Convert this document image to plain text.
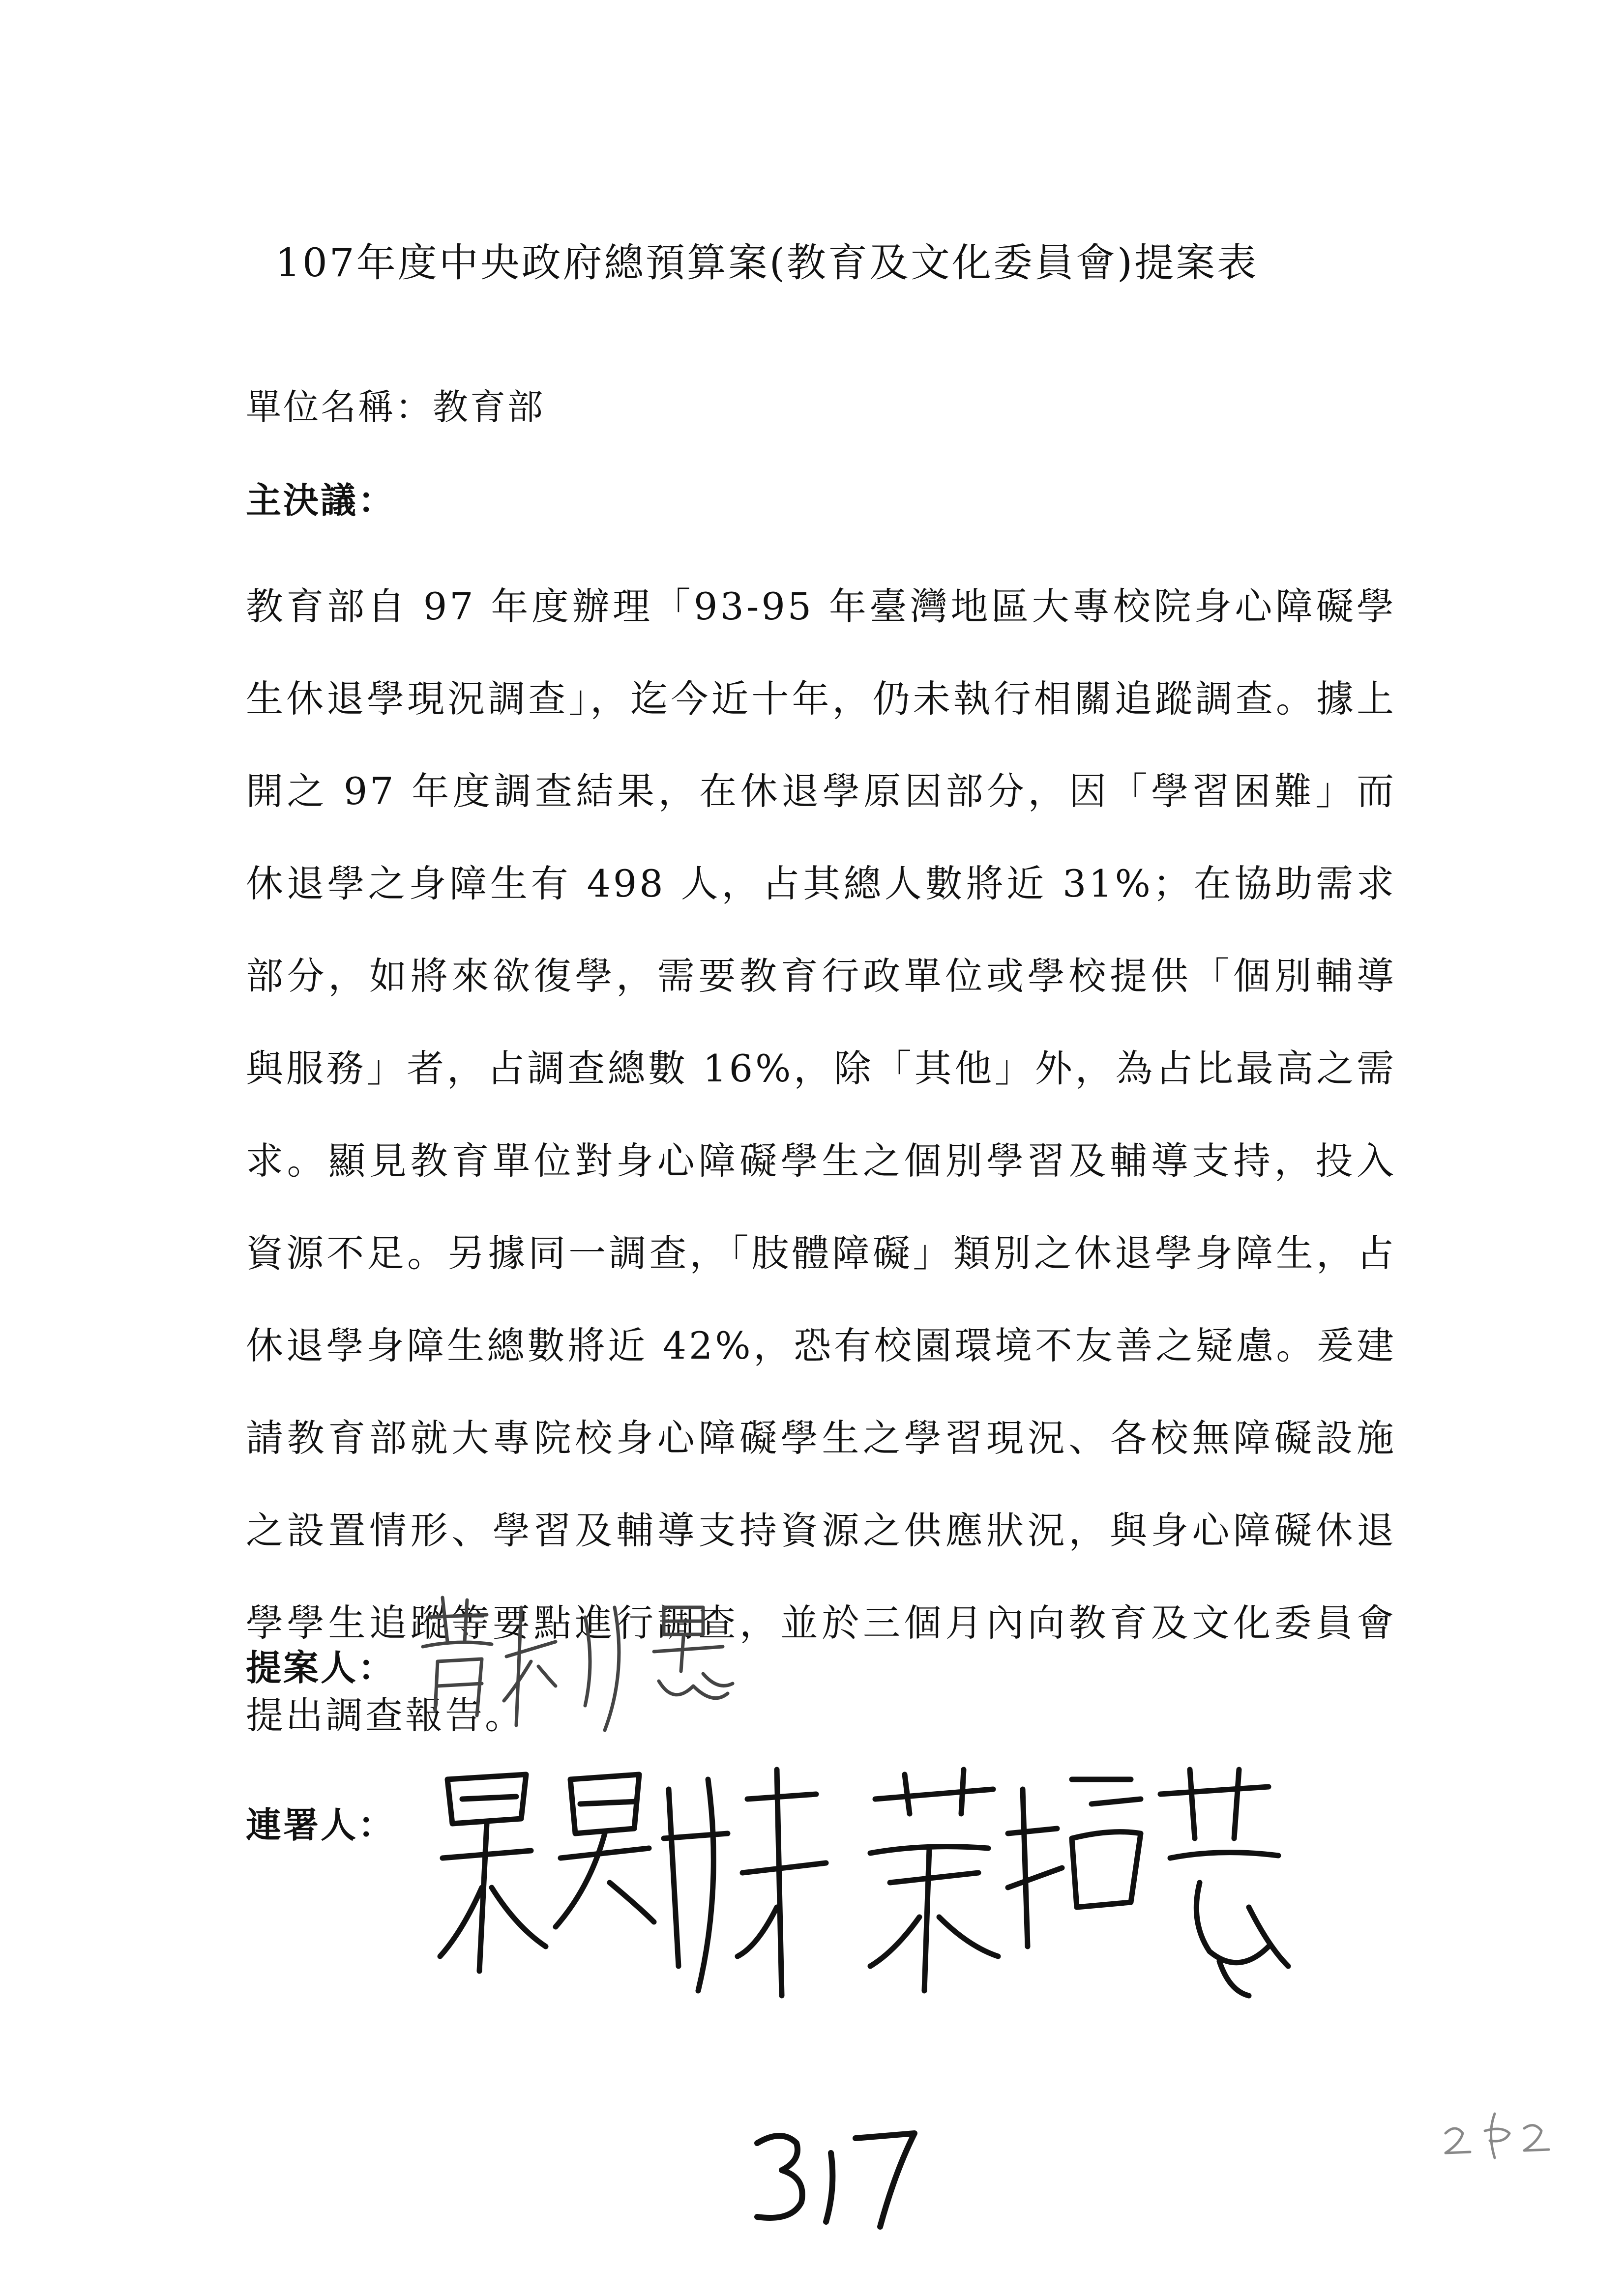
107年度中央政府總預算案(教育及文化委員會)提案表
單位名稱：教育部
主決議：
教育部自 97 年度辦理「93-95 年臺灣地區大專校院身心障礙學生休退學現況調查」，迄今近十年，仍未執行相關追蹤調查。據上開之 97 年度調查結果，在休退學原因部分，因「學習困難」而休退學之身障生有 498 人，占其總人數將近 31%；在協助需求部分，如將來欲復學，需要教育行政單位或學校提供「個別輔導與服務」者，占調查總數 16%，除「其他」外，為占比最高之需求。顯見教育單位對身心障礙學生之個別學習及輔導支持，投入資源不足。另據同一調查，「肢體障礙」類別之休退學身障生，占休退學身障生總數將近 42%，恐有校園環境不友善之疑慮。爰建請教育部就大專院校身心障礙學生之學習現況、各校無障礙設施之設置情形、學習及輔導支持資源之供應狀況，與身心障礙休退學學生追蹤等要點進行調查，並於三個月內向教育及文化委員會提出調查報告。
提案人：
連署人：
